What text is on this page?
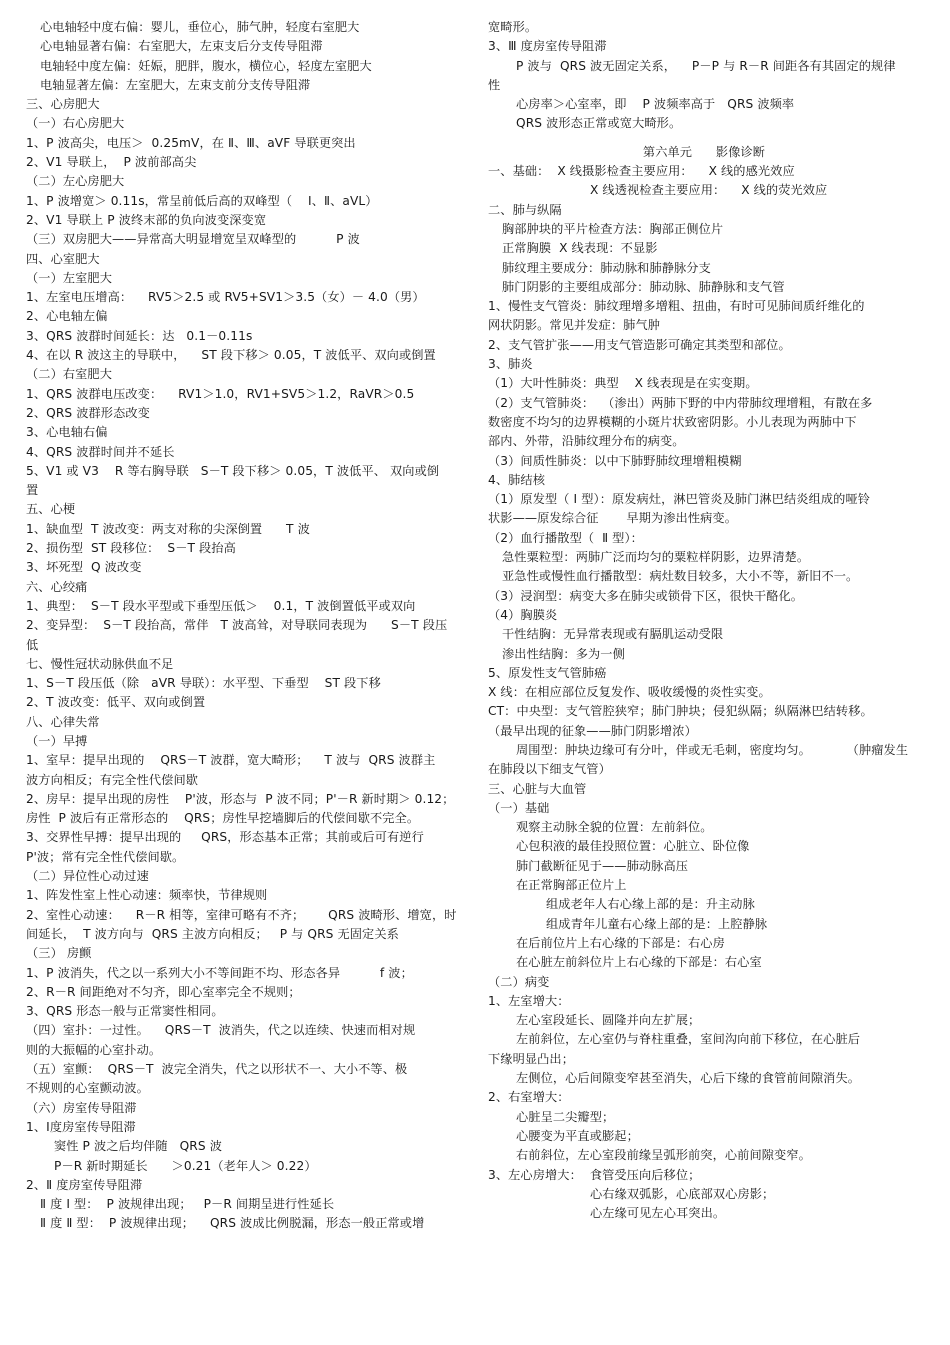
心电轴轻中度右偏：婴儿，垂位心，肺气肿，轻度右室肥大

心电轴显著右偏：右室肥大，左束支后分支传导阻滞

电轴轻中度左偏：妊娠，肥胖，腹水，横位心，轻度左室肥大

电轴显著左偏：左室肥大，左束支前分支传导阻滞

三、心房肥大

（一）右心房肥大

1、P 波高尖，电压＞  0.25mV，在 Ⅱ、Ⅲ、aVF 导联更突出

2、V1 导联上，  P 波前部高尖

（二）左心房肥大

1、P 波增宽＞ 0.11s，常呈前低后高的双峰型（    Ⅰ、Ⅱ、aVL）

2、V1 导联上 P 波终末部的负向波变深变宽

（三）双房肥大——异常高大明显增宽呈双峰型的          P 波

四、心室肥大

（一）左室肥大

1、左室电压增高：    RV5＞2.5 或 RV5+SV1＞3.5（女）－ 4.0（男）

2、心电轴左偏

3、QRS 波群时间延长：达   0.1－0.11s

4、在以 R 波这主的导联中，    ST 段下移＞ 0.05，T 波低平、双向或倒置

（二）右室肥大

1、QRS 波群电压改变：    RV1＞1.0，RV1+SV5＞1.2，RaVR＞0.5

2、QRS 波群形态改变

3、心电轴右偏

4、QRS 波群时间并不延长

5、V1 或 V3    R 等右胸导联   S－T 段下移＞ 0.05，T 波低平、 双向或倒

置

五、心梗

1、缺血型  T 波改变：两支对称的尖深倒置      T 波

2、损伤型  ST 段移位：  S－T 段抬高

3、坏死型  Q 波改变

六、心绞痛

1、典型：  S－T 段水平型或下垂型压低＞    0.1，T 波倒置低平或双向

2、变异型：  S－T 段抬高，常伴   T 波高耸，对导联同表现为      S－T 段压

低

七、慢性冠状动脉供血不足

1、S－T 段压低（除   aVR 导联）：水平型、下垂型    ST 段下移

2、T 波改变：低平、双向或倒置

八、心律失常

（一）早搏

1、室早：提早出现的    QRS－T 波群，宽大畸形；    T 波与  QRS 波群主

波方向相反；有完全性代偿间歇

2、房早：提早出现的房性    P'波，形态与  P 波不同；P'－R 新时期＞ 0.12；

房性  P 波后有正常形态的    QRS；房性早挖墙脚后的代偿间歇不完全。

3、交界性早搏：提早出现的     QRS，形态基本正常；其前或后可有逆行

P'波；常有完全性代偿间歇。

（二）异位性心动过速

1、阵发性室上性心动速：频率快，节律规则

2、室性心动速：    R－R 相等，室律可略有不齐；      QRS 波畸形、增宽，时

间延长，  T 波方向与  QRS 主波方向相反；   P 与 QRS 无固定关系

（三） 房颤

1、P 波消失，代之以一系列大小不等间距不均、形态各异          f 波；

2、R－R 间距绝对不匀齐，即心室率完全不规则；

3、QRS 形态一般与正常窦性相同。

（四）室扑：一过性。    QRS－T  波消失，代之以连续、快速而相对规

则的大振幅的心室扑动。

（五）室颤：  QRS－T  波完全消失，代之以形状不一、大小不等、极

不规则的心室颤动波。

（六）房室传导阻滞

1、Ⅰ度房室传导阻滞

窦性 P 波之后均伴随   QRS 波

P－R 新时期延长      ＞0.21（老年人＞ 0.22）

2、Ⅱ 度房室传导阻滞

Ⅱ 度 Ⅰ 型：  P 波规律出现；   P－R 间期呈进行性延长

Ⅱ 度 Ⅱ 型：  P 波规律出现；    QRS 波成比例脱漏，形态一般正常或增

宽畸形。

3、Ⅲ 度房室传导阻滞

P 波与  QRS 波无固定关系，    P－P 与 R－R 间距各有其固定的规律

性

心房率＞心室率，即    P 波频率高于   QRS 波频率

QRS 波形态正常或宽大畸形。

第六单元      影像诊断

一、基础：  X 线摄影检查主要应用：    X 线的感光效应

X 线透视检查主要应用：    X 线的荧光效应

二、肺与纵隔

胸部肿块的平片检查方法：胸部正侧位片

正常胸膜  X 线表现：不显影

肺纹理主要成分：肺动脉和肺静脉分支

肺门阴影的主要组成部分：肺动脉、肺静脉和支气管

1、慢性支气管炎：肺纹理增多增粗、扭曲，有时可见肺间质纤维化的

网状阴影。常见并发症：肺气肿

2、支气管扩张——用支气管造影可确定其类型和部位。

3、肺炎

（1）大叶性肺炎：典型    X 线表现是在实变期。

（2）支气管肺炎：  （渗出）两肺下野的中内带肺纹理增粗，有散在多

数密度不均匀的边界模糊的小斑片状致密阴影。小儿表现为两肺中下

部内、外带，沿肺纹理分布的病变。

（3）间质性肺炎：以中下肺野肺纹理增粗模糊

4、肺结核

（1）原发型（ Ⅰ 型）：原发病灶，淋巴管炎及肺门淋巴结炎组成的哑铃

状影——原发综合征       早期为渗出性病变。

（2）血行播散型（  Ⅱ 型）：

急性粟粒型：两肺广泛而均匀的粟粒样阴影，边界清楚。

亚急性或慢性血行播散型：病灶数目较多，大小不等，新旧不一。

（3）浸润型：病变大多在肺尖或锁骨下区，很快干酪化。

（4）胸膜炎

干性结胸：无异常表现或有膈肌运动受限

渗出性结胸：多为一侧

5、原发性支气管肺癌

X 线：在相应部位反复发作、吸收缓慢的炎性实变。

CT：中央型：支气管腔狭窄；肺门肿块；侵犯纵隔；纵隔淋巴结转移。

（最早出现的征象——肺门阴影增浓）

周围型：肿块边缘可有分叶，伴或无毛刺，密度均匀。         （肿瘤发生

在肺段以下细支气管）

三、心脏与大血管

（一）基础

观察主动脉全貌的位置：左前斜位。

心包积液的最佳投照位置：心脏立、卧位像

肺门截断征见于——肺动脉高压

在正常胸部正位片上

组成老年人右心缘上部的是：升主动脉

组成青年儿童右心缘上部的是：上腔静脉

在后前位片上右心缘的下部是：右心房

在心脏左前斜位片上右心缘的下部是：右心室

（二）病变

1、左室增大：

左心室段延长、圆隆并向左扩展；

左前斜位，左心室仍与脊柱重叠，室间沟向前下移位，在心脏后

下缘明显凸出；

左侧位，心后间隙变窄甚至消失，心后下缘的食管前间隙消失。

2、右室增大：

心脏呈二尖瓣型；

心腰变为平直或膨起；

右前斜位，左心室段前缘呈弧形前突，心前间隙变窄。

3、左心房增大：  食管受压向后移位；

心右缘双弧影，心底部双心房影；

心左缘可见左心耳突出。
